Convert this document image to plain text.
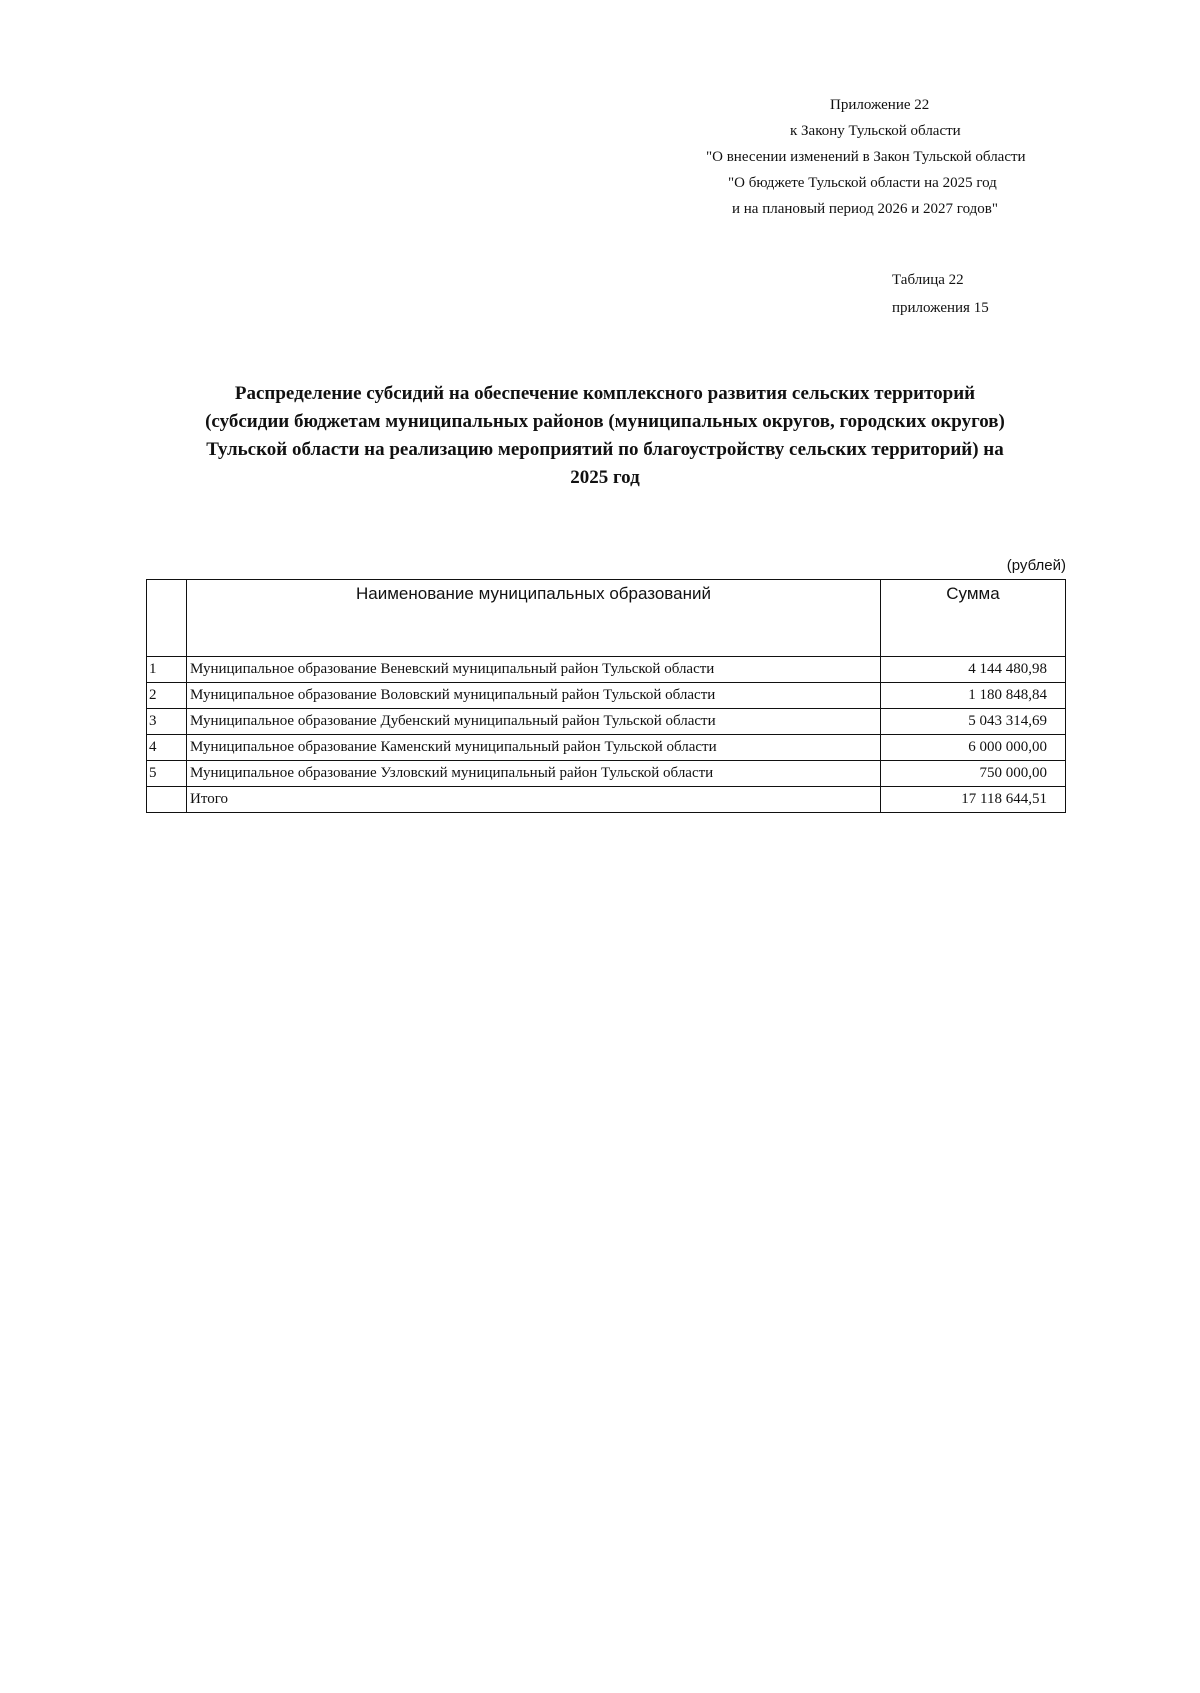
Приложение 22
к Закону Тульской области
"О внесении изменений в Закон Тульской области
"О бюджете Тульской области на 2025 год
и на плановый период 2026 и 2027 годов"
Таблица 22
приложения 15
Распределение субсидий на обеспечение комплексного развития сельских территорий
(субсидии бюджетам муниципальных районов (муниципальных округов, городских округов)
Тульской области на реализацию мероприятий по благоустройству сельских территорий) на
2025 год
(рублей)
	Наименование муниципальных образований	Сумма
1	Муниципальное образование Веневский муниципальный район Тульской области	4 144 480,98
2	Муниципальное образование Воловский муниципальный район Тульской области	1 180 848,84
3	Муниципальное образование Дубенский муниципальный район Тульской области	5 043 314,69
4	Муниципальное образование Каменский муниципальный район Тульской области	6 000 000,00
5	Муниципальное образование Узловский муниципальный район Тульской области	750 000,00
	Итого	17 118 644,51
